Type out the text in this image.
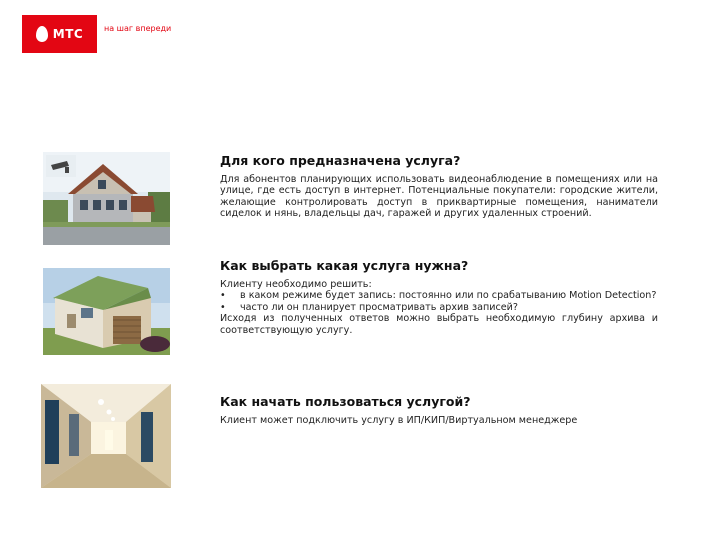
МТС	на шаг впереди
Для кого предназначена услуга?
Для абонентов планирующих использовать видеонаблюдение в помещениях или на улице, где есть доступ в интернет. Потенциальные покупатели: городские жители, желающие контролировать доступ в приквартирные помещения, наниматели сиделок и нянь, владельцы дач, гаражей и других удаленных строений.
Как выбрать какая услуга нужна?
Клиенту необходимо решить:
•	в каком режиме будет запись: постоянно или по срабатыванию Motion Detection?
•	часто ли он планирует просматривать архив записей?
Исходя из полученных ответов можно выбрать необходимую глубину архива и соответствующую услугу.
Как начать пользоваться услугой?
Клиент может подключить услугу в ИП/КИП/Виртуальном менеджере
